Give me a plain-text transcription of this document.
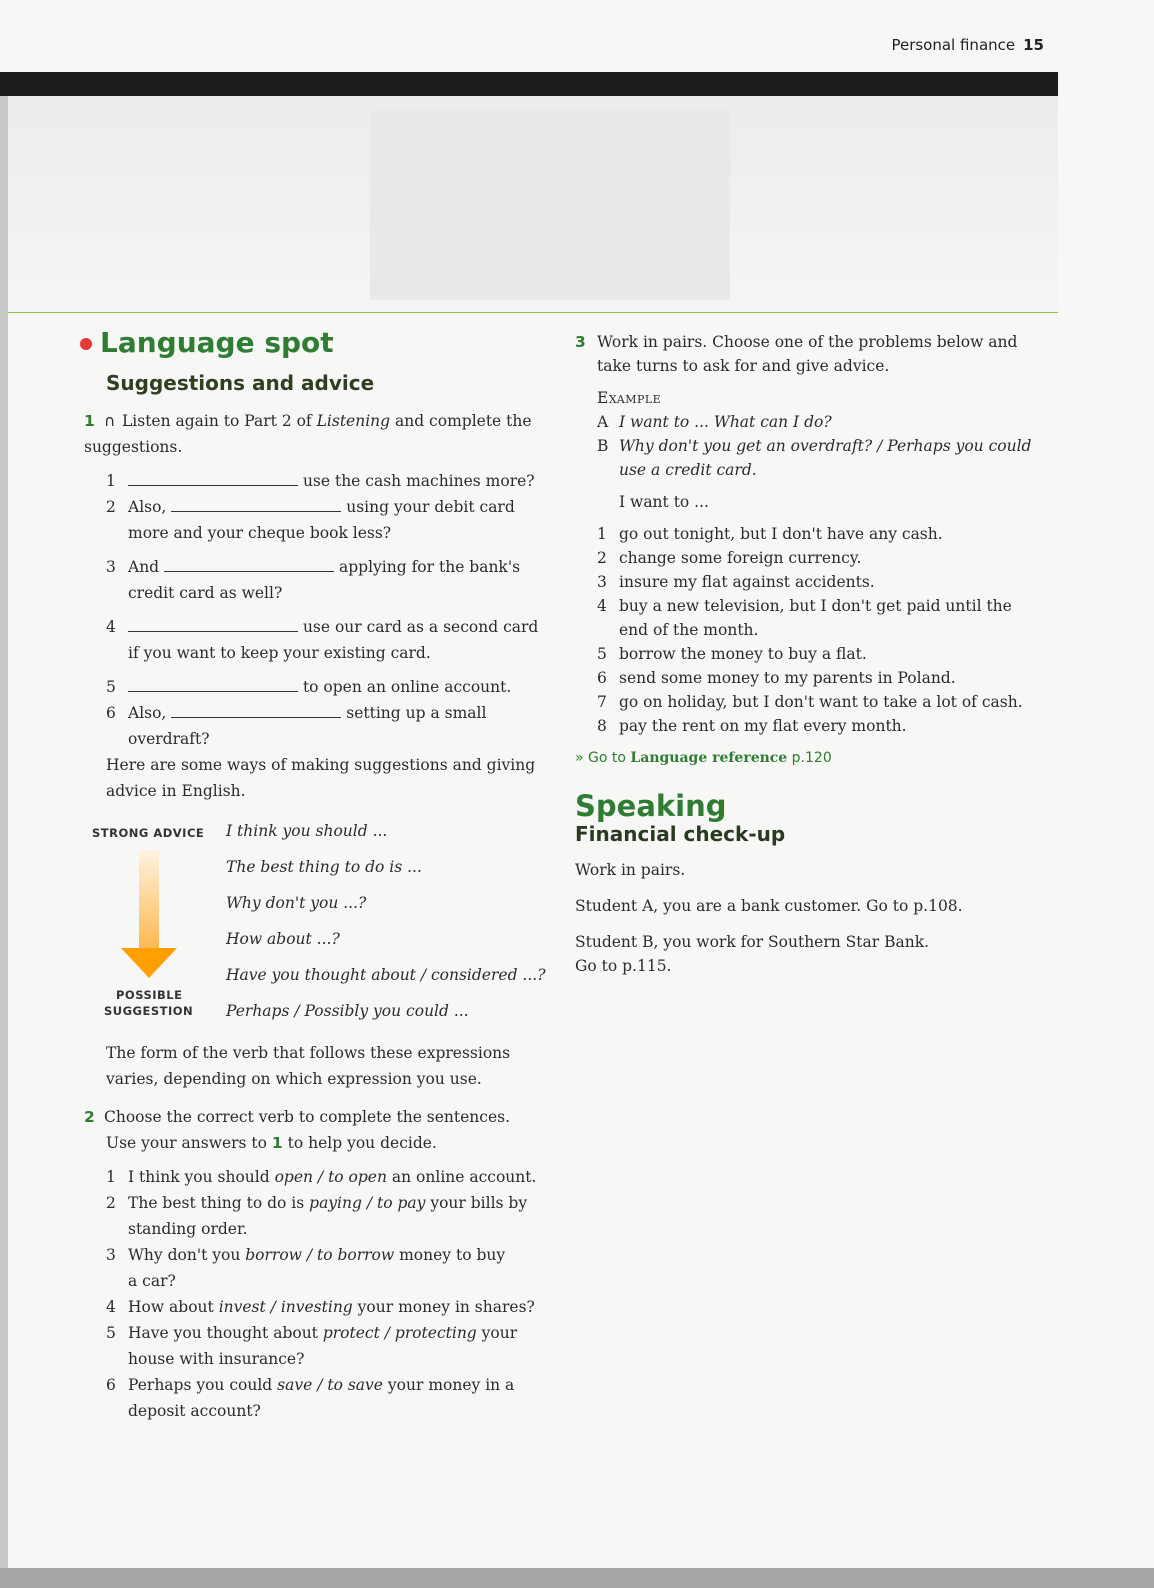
Personal finance 15
Language spot
Suggestions and advice
1 ∩ Listen again to Part 2 of Listening and complete the suggestions.
1	use the cash machines more?
2 Also,	using your debit card
more and your cheque book less?
3 And	applying for the bank's
credit card as well?
4	use our card as a second card
if you want to keep your existing card.
5	to open an online account.
6 Also,	setting up a small
overdraft?
Here are some ways of making suggestions and giving advice in English.
STRONG ADVICE
POSSIBLE
SUGGESTION
I think you should ...
The best thing to do is ...
Why don't you ...?
How about ...?
Have you thought about / considered ...?
Perhaps / Possibly you could ...
The form of the verb that follows these expressions varies, depending on which expression you use.
2 Choose the correct verb to complete the sentences.
Use your answers to 1 to help you decide.
1 I think you should open / to open an online account.
2 The best thing to do is paying / to pay your bills by
standing order.
3 Why don't you borrow / to borrow money to buy
a car?
4 How about invest / investing your money in shares?
5 Have you thought about protect / protecting your
house with insurance?
6 Perhaps you could save / to save your money in a
deposit account?
3 Work in pairs. Choose one of the problems below and take turns to ask for and give advice.
Example
A I want to ... What can I do?
B Why don't you get an overdraft? / Perhaps you could
use a credit card.
I want to ...
1 go out tonight, but I don't have any cash.
2 change some foreign currency.
3 insure my flat against accidents.
4 buy a new television, but I don't get paid until the
end of the month.
5 borrow the money to buy a flat.
6 send some money to my parents in Poland.
7 go on holiday, but I don't want to take a lot of cash.
8 pay the rent on my flat every month.
» Go to Language reference p.120
Speaking
Financial check-up
Work in pairs.
Student A, you are a bank customer. Go to p.108.
Student B, you work for Southern Star Bank.
Go to p.115.
